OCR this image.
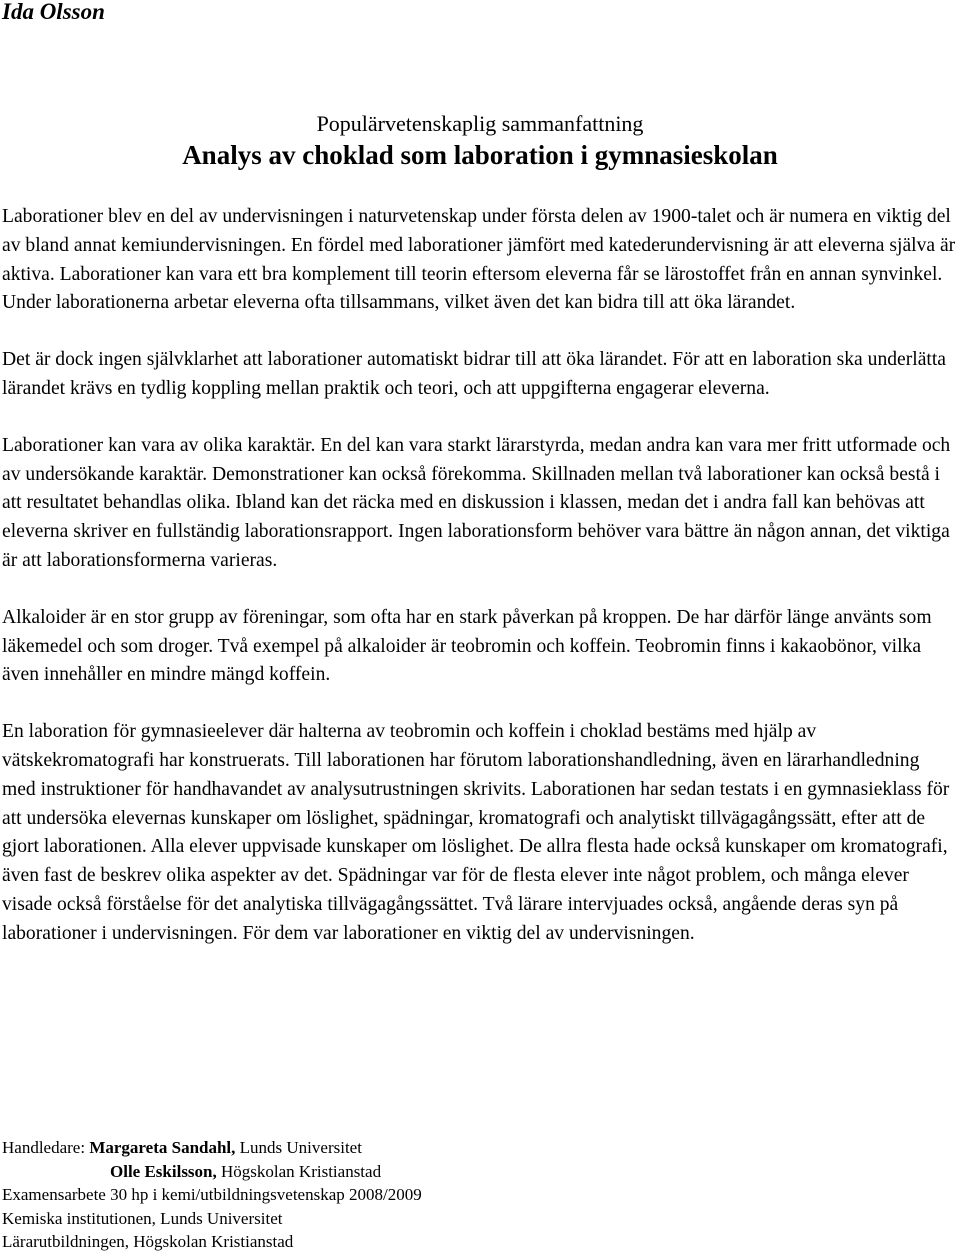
Ida Olsson
Populärvetenskaplig sammanfattning
Analys av choklad som laboration i gymnasieskolan

Laborationer blev en del av undervisningen i naturvetenskap under första delen av 1900-talet och är numera en viktig del av bland annat kemiundervisningen. En fördel med laborationer jämfört med katederundervisning är att eleverna själva är aktiva. Laborationer kan vara ett bra komplement till teorin eftersom eleverna får se lärostoffet från en annan synvinkel. Under laborationerna arbetar eleverna ofta tillsammans, vilket även det kan bidra till att öka lärandet.

Det är dock ingen självklarhet att laborationer automatiskt bidrar till att öka lärandet. För att en laboration ska underlätta lärandet krävs en tydlig koppling mellan praktik och teori, och att uppgifterna engagerar eleverna.

Laborationer kan vara av olika karaktär. En del kan vara starkt lärarstyrda, medan andra kan vara mer fritt utformade och av undersökande karaktär. Demonstrationer kan också förekomma. Skillnaden mellan två laborationer kan också bestå i att resultatet behandlas olika. Ibland kan det räcka med en diskussion i klassen, medan det i andra fall kan behövas att eleverna skriver en fullständig laborationsrapport. Ingen laborationsform behöver vara bättre än någon annan, det viktiga är att laborationsformerna varieras.

Alkaloider är en stor grupp av föreningar, som ofta har en stark påverkan på kroppen. De har därför länge använts som läkemedel och som droger. Två exempel på alkaloider är teobromin och koffein. Teobromin finns i kakaobönor, vilka även innehåller en mindre mängd koffein.

En laboration för gymnasieelever där halterna av teobromin och koffein i choklad bestäms med hjälp av vätskekromatografi har konstruerats. Till laborationen har förutom laborationshandledning, även en lärarhandledning med instruktioner för handhavandet av analysutrustningen skrivits. Laborationen har sedan testats i en gymnasieklass för att undersöka elevernas kunskaper om löslighet, spädningar, kromatografi och analytiskt tillvägagångssätt, efter att de gjort laborationen. Alla elever uppvisade kunskaper om löslighet. De allra flesta hade också kunskaper om kromatografi, även fast de beskrev olika aspekter av det. Spädningar var för de flesta elever inte något problem, och många elever visade också förståelse för det analytiska tillvägagångssättet. Två lärare intervjuades också, angående deras syn på laborationer i undervisningen. För dem var laborationer en viktig del av undervisningen.

Handledare: Margareta Sandahl, Lunds Universitet
Olle Eskilsson, Högskolan Kristianstad
Examensarbete 30 hp i kemi/utbildningsvetenskap 2008/2009
Kemiska institutionen, Lunds Universitet
Lärarutbildningen, Högskolan Kristianstad
